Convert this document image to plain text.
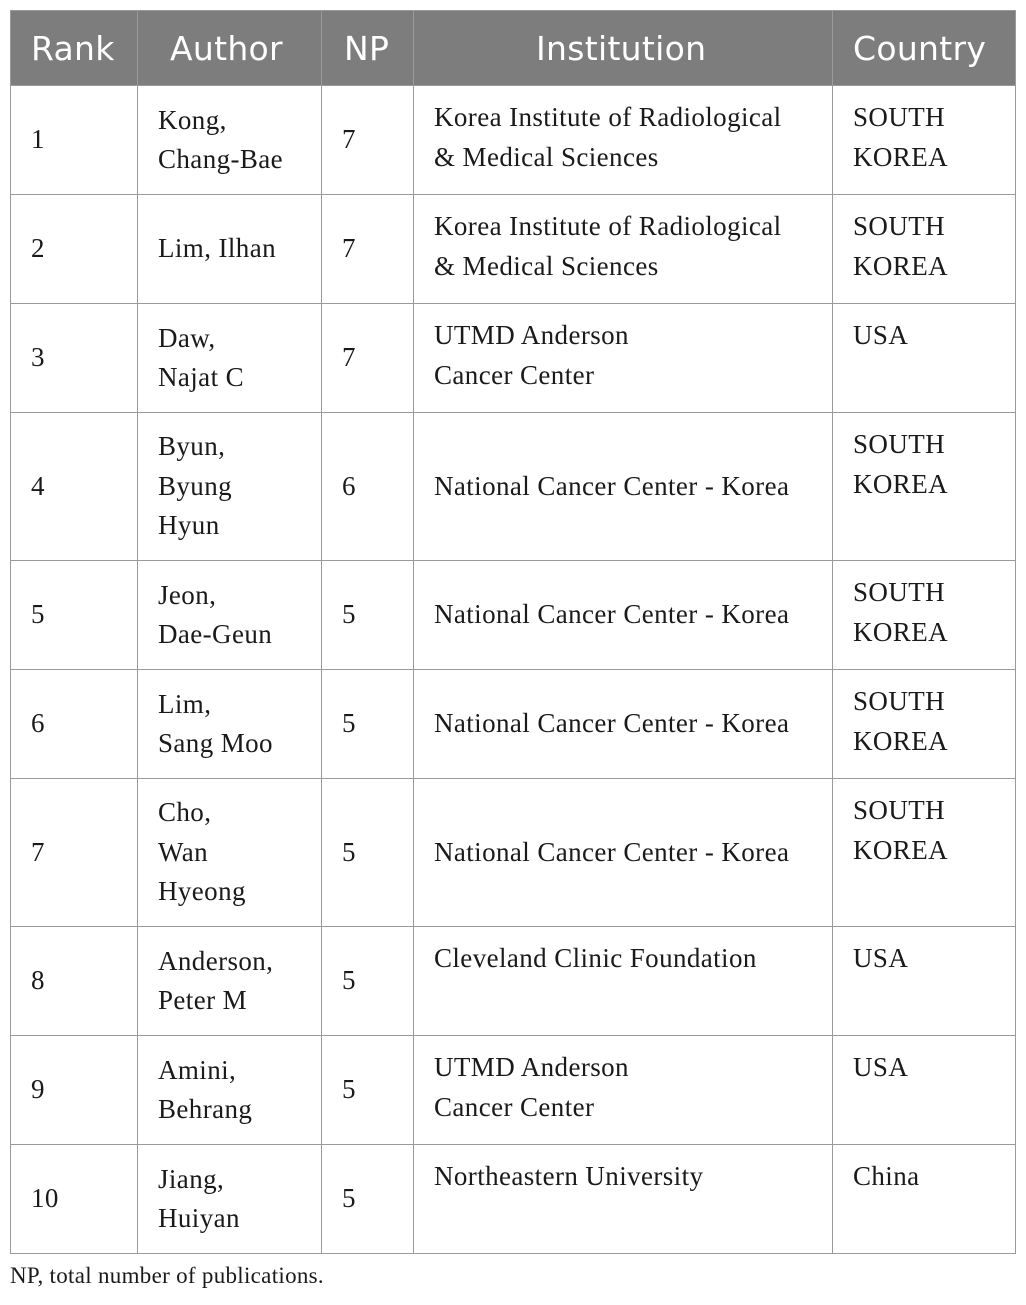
Rank	Author	NP	Institution	Country
1	Kong,
Chang-Bae	7	Korea Institute of Radiological
& Medical Sciences	SOUTH
KOREA

2	Lim, Ilhan	7	Korea Institute of Radiological
& Medical Sciences	SOUTH
KOREA

3	Daw,
Najat C	7	UTMD Anderson
Cancer Center	USA

4	Byun,
Byung
Hyun	6	National Cancer Center - Korea	SOUTH
KOREA

5	Jeon,
Dae-Geun	5	National Cancer Center - Korea	SOUTH
KOREA

6	Lim,
Sang Moo	5	National Cancer Center - Korea	SOUTH
KOREA

7	Cho,
Wan
Hyeong	5	National Cancer Center - Korea	SOUTH
KOREA

8	Anderson,
Peter M	5	Cleveland Clinic Foundation	USA

9	Amini,
Behrang	5	UTMD Anderson
Cancer Center	USA

10	Jiang,
Huiyan	5	Northeastern University	China
NP, total number of publications.
